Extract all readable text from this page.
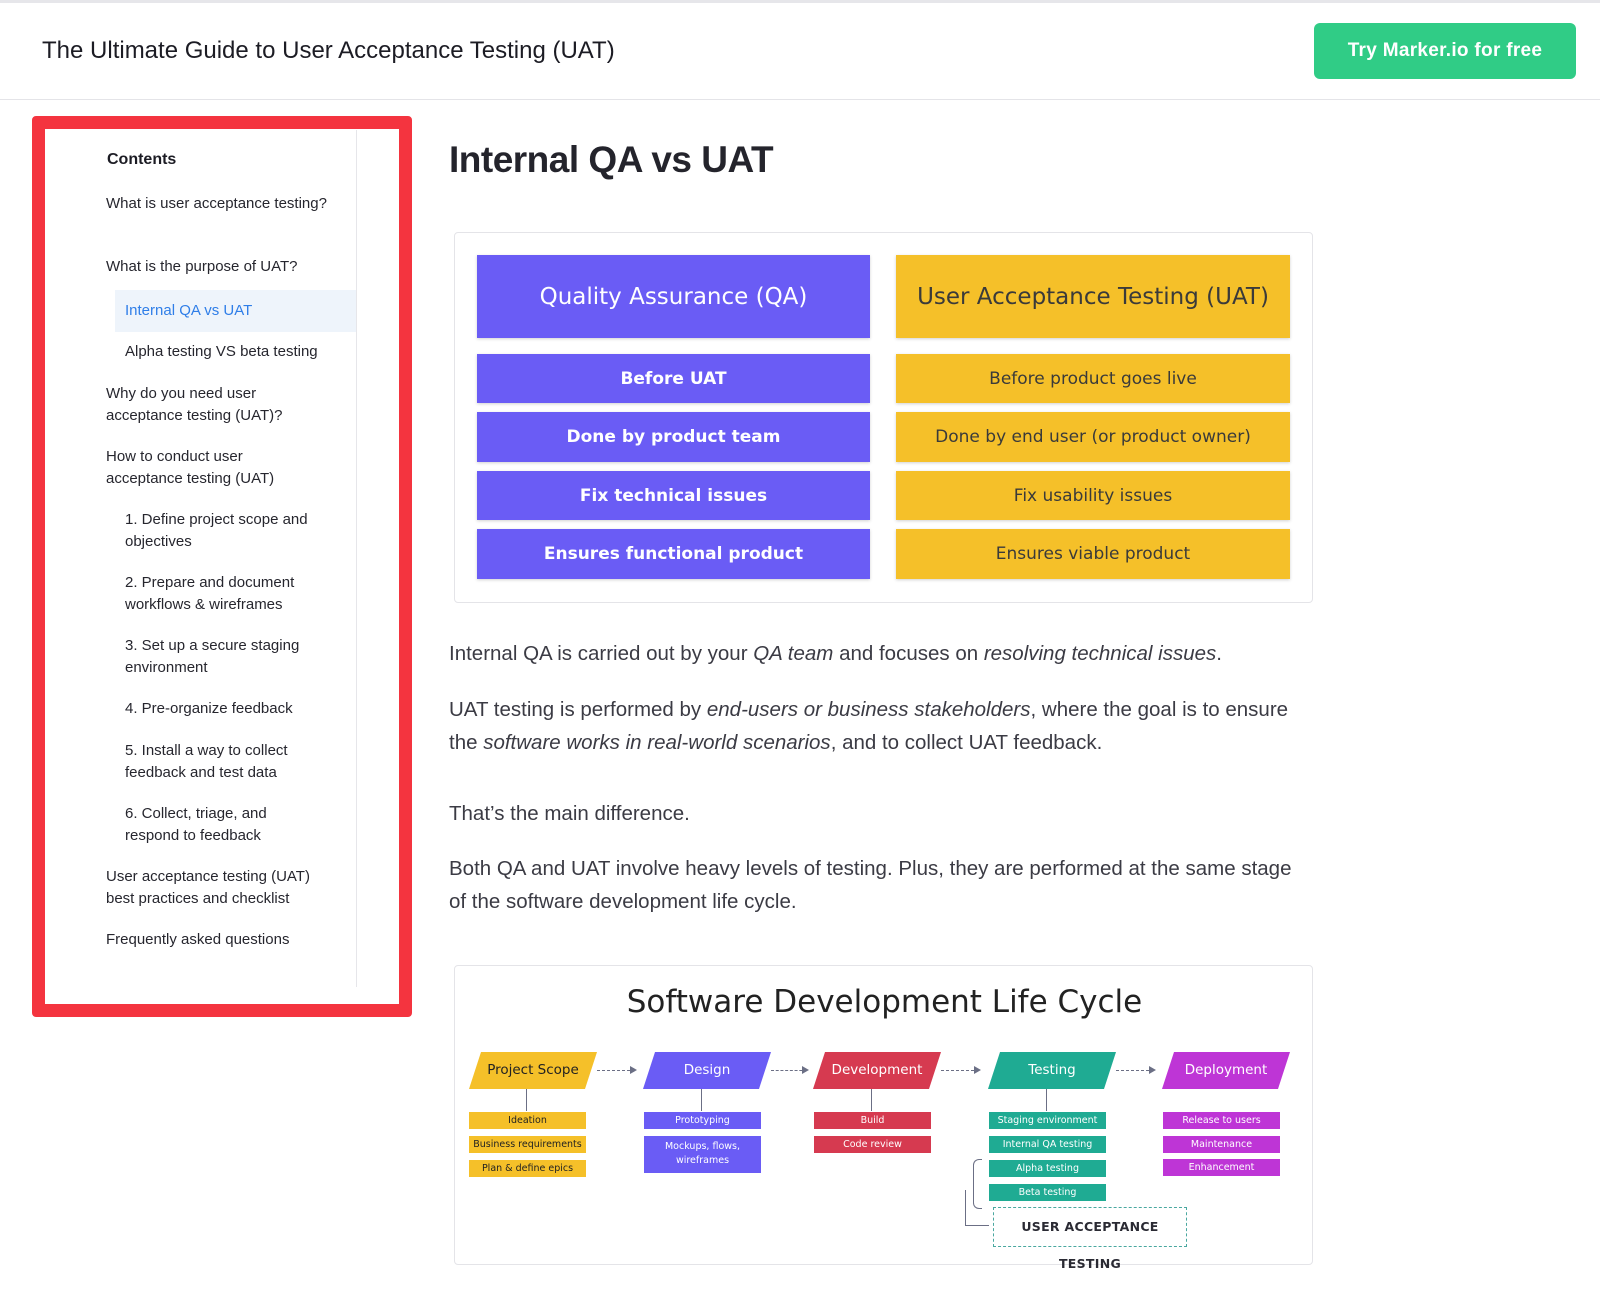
The Ultimate Guide to User Acceptance Testing (UAT)	Try Marker.io for free
Contents
What is user acceptance testing?
What is the purpose of UAT?
Internal QA vs UAT
Alpha testing VS beta testing
Why do you need user acceptance testing (UAT)?
How to conduct user acceptance testing (UAT)
1. Define project scope and objectives
2. Prepare and document workflows & wireframes
3. Set up a secure staging environment
4. Pre-organize feedback
5. Install a way to collect feedback and test data
6. Collect, triage, and respond to feedback
User acceptance testing (UAT) best practices and checklist
Frequently asked questions
Internal QA vs UAT
Quality Assurance (QA)	User Acceptance Testing (UAT)
Before UAT	Before product goes live
Done by product team	Done by end user (or product owner)
Fix technical issues	Fix usability issues
Ensures functional product	Ensures viable product

Internal QA is carried out by your QA team and focuses on resolving technical issues.

UAT testing is performed by end-users or business stakeholders, where the goal is to ensure the software works in real-world scenarios, and to collect UAT feedback.

That’s the main difference.

Both QA and UAT involve heavy levels of testing. Plus, they are performed at the same stage of the software development life cycle.

Software Development Life Cycle
Project Scope	Design	Development	Testing	Deployment
Ideation
Business requirements
Plan & define epics
Prototyping
Mockups, flows, wireframes
Build
Code review
Staging environment
Internal QA testing
Alpha testing
Beta testing
Release to users
Maintenance
Enhancement
USER ACCEPTANCE TESTING
